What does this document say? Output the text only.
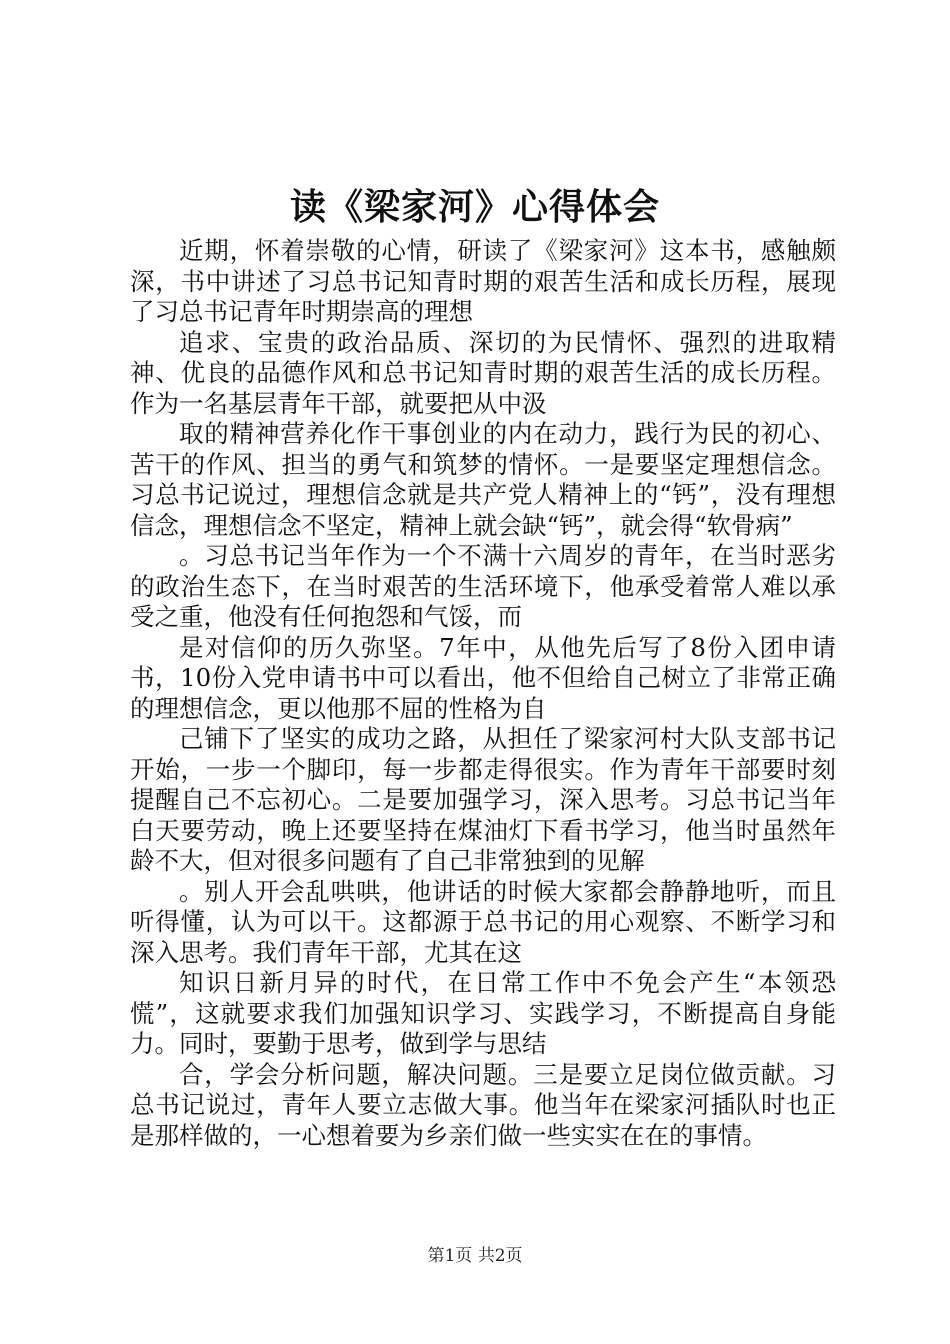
读《梁家河》心得体会

近期，怀着崇敬的心情，研读了《梁家河》这本书，感触颇深，书中讲述了习总书记知青时期的艰苦生活和成长历程，展现了习总书记青年时期崇高的理想

追求、宝贵的政治品质、深切的为民情怀、强烈的进取精神、优良的品德作风和总书记知青时期的艰苦生活的成长历程。作为一名基层青年干部，就要把从中汲

取的精神营养化作干事创业的内在动力，践行为民的初心、苦干的作风、担当的勇气和筑梦的情怀。一是要坚定理想信念。习总书记说过，理想信念就是共产党人精神上的“钙”，没有理想信念，理想信念不坚定，精神上就会缺“钙”，就会得“软骨病”

。习总书记当年作为一个不满十六周岁的青年，在当时恶劣的政治生态下，在当时艰苦的生活环境下，他承受着常人难以承受之重，他没有任何抱怨和气馁，而

是对信仰的历久弥坚。7年中，从他先后写了8份入团申请书，10份入党申请书中可以看出，他不但给自己树立了非常正确的理想信念，更以他那不屈的性格为自

己铺下了坚实的成功之路，从担任了梁家河村大队支部书记开始，一步一个脚印，每一步都走得很实。作为青年干部要时刻提醒自己不忘初心。二是要加强学习，深入思考。习总书记当年白天要劳动，晚上还要坚持在煤油灯下看书学习，他当时虽然年龄不大，但对很多问题有了自己非常独到的见解

。别人开会乱哄哄，他讲话的时候大家都会静静地听，而且听得懂，认为可以干。这都源于总书记的用心观察、不断学习和深入思考。我们青年干部，尤其在这

知识日新月异的时代，在日常工作中不免会产生“本领恐慌”，这就要求我们加强知识学习、实践学习，不断提高自身能力。同时，要勤于思考，做到学与思结

合，学会分析问题，解决问题。三是要立足岗位做贡献。习总书记说过，青年人要立志做大事。他当年在梁家河插队时也正是那样做的，一心想着要为乡亲们做一些实实在在的事情。

第1页 共2页
